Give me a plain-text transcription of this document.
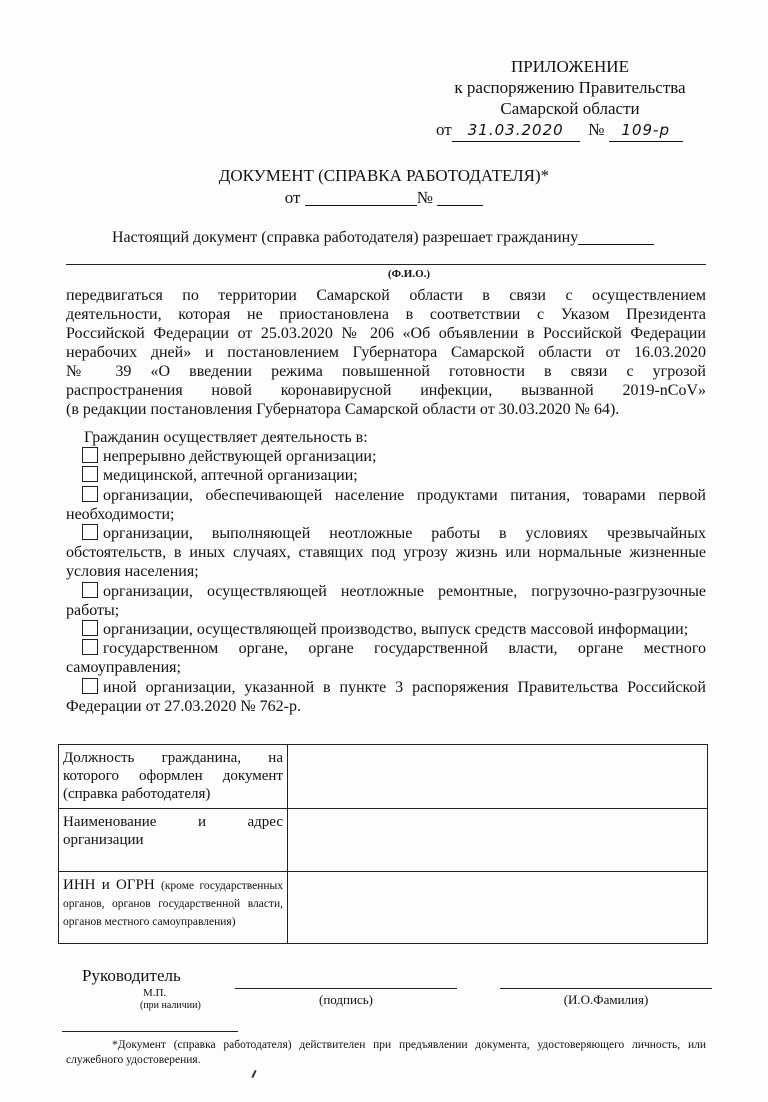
ПРИЛОЖЕНИЕ
к распоряжению Правительства
Самарской области
от 31.03.2020 № 109-р
ДОКУМЕНТ (СПРАВКА РАБОТОДАТЕЛЯ)*
от	№
Настоящий документ (справка работодателя) разрешает гражданину
(Ф.И.О.)

передвигаться по территории Самарской области в связи с осуществлением

деятельности, которая не приостановлена в соответствии с Указом Президента

Российской Федерации от 25.03.2020 № 206 «Об объявлении в Российской Федерации

нерабочих дней» и постановлением Губернатора Самарской области от 16.03.2020

№ 39 «О введении режима повышенной готовности в связи с угрозой

распространения новой коронавирусной инфекции, вызванной 2019-nCoV»

(в редакции постановления Губернатора Самарской области от 30.03.2020 № 64).

Гражданин осуществляет деятельность в:

непрерывно действующей организации;

медицинской, аптечной организации;

организации, обеспечивающей население продуктами питания, товарами первой необходимости;

организации, выполняющей неотложные работы в условиях чрезвычайных обстоятельств, в иных случаях, ставящих под угрозу жизнь или нормальные жизненные условия населения;

организации, осуществляющей неотложные ремонтные, погрузочно-разгрузочные работы;

организации, осуществляющей производство, выпуск средств массовой информации;

государственном органе, органе государственной власти, органе местного самоуправления;

иной организации, указанной в пункте 3 распоряжения Правительства Российской Федерации от 27.03.2020 № 762-р.

Должность гражданина, на которого оформлен документ (справка работодателя)	
Наименование и адрес организации	
ИНН и ОГРН (кроме государственных органов, органов государственной власти, органов местного самоуправления)	
Руководитель
М.П.
(при наличии)	(подпись)	(И.О.Фамилия)

*Документ (справка работодателя) действителен при предъявлении документа, удостоверяющего личность, или служебного удостоверения.
